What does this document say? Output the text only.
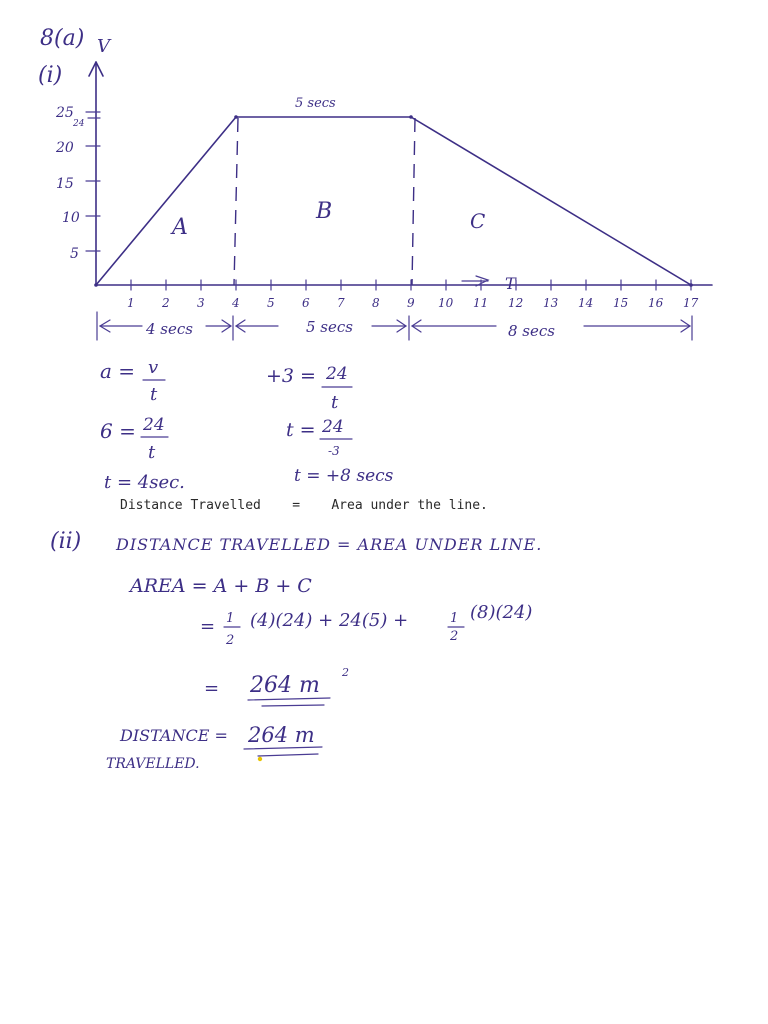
8(a)
(i)
V
T
5
10
15
20
25
24
1 2 3 4 5 6 7 8 9 10 11 12 13 14 15 16 17
A
B	C
5 secs
4 secs	5 secs	8 secs
a = v
t
6 = 24
t
t = 4sec.
+3 = 24
t
t = 24
-3
t = +8 secs
(ii) DISTANCE TRAVELLED = AREA UNDER LINE.
AREA = A + B + C
= 1
2
(4)(24) + 24(5) +	1
2
(8)(24)
= 264 m
2
DISTANCE =
TRAVELLED.
264 m
Distance Travelled = Area under the line.
